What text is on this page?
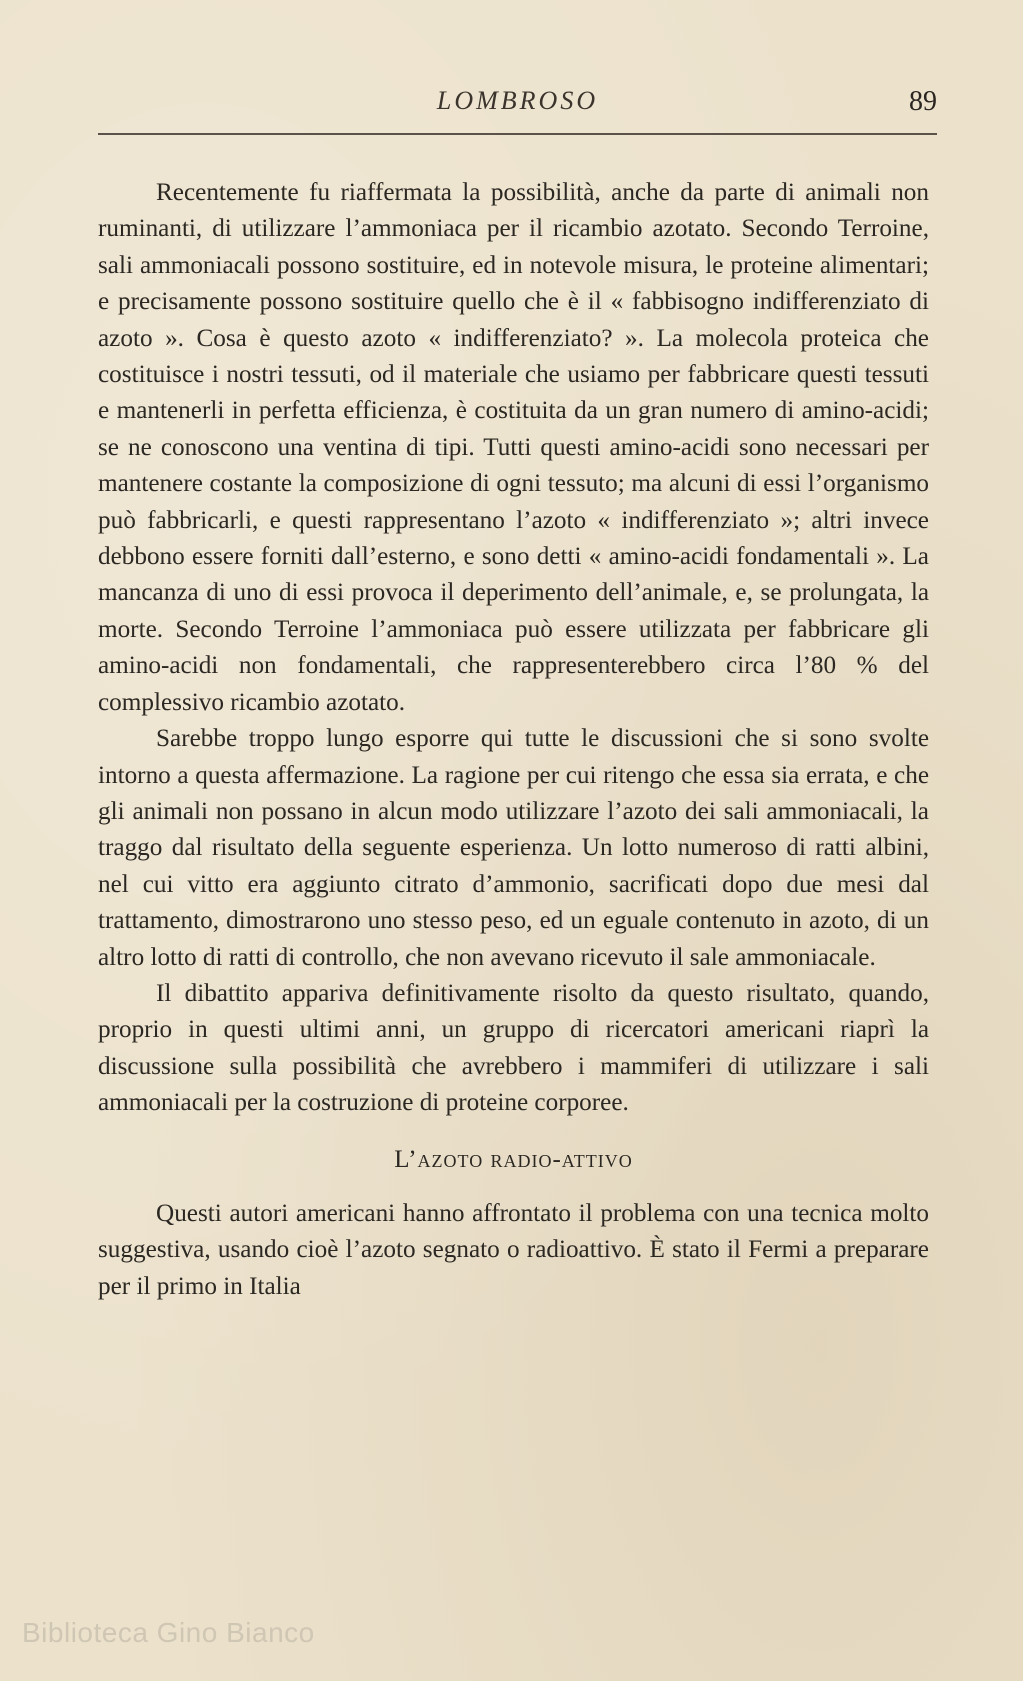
LOMBROSO	89

Recentemente fu riaffermata la possibilità, anche da parte di animali non ruminanti, di utilizzare l’ammoniaca per il ricambio azotato. Secondo Terroine, sali ammoniacali possono sostituire, ed in notevole misura, le proteine alimentari; e precisamente possono sostituire quello che è il « fabbisogno indifferenziato di azoto ». Cosa è questo azoto « indifferenziato? ». La molecola proteica che costituisce i nostri tessuti, od il materiale che usiamo per fabbricare questi tessuti e mantenerli in perfetta efficienza, è costituita da un gran numero di amino-acidi; se ne conoscono una ventina di tipi. Tutti questi amino-acidi sono necessari per mantenere costante la composizione di ogni tessuto; ma alcuni di essi l’organismo può fabbricarli, e questi rappresentano l’azoto « indifferenziato »; altri invece debbono essere forniti dall’esterno, e sono detti « amino-acidi fondamentali ». La mancanza di uno di essi provoca il deperimento dell’animale, e, se prolungata, la morte. Secondo Terroine l’ammoniaca può essere utilizzata per fabbricare gli amino-acidi non fondamentali, che rappresenterebbero circa l’80 % del complessivo ricambio azotato.

Sarebbe troppo lungo esporre qui tutte le discussioni che si sono svolte intorno a questa affermazione. La ragione per cui ritengo che essa sia errata, e che gli animali non possano in alcun modo utilizzare l’azoto dei sali ammoniacali, la traggo dal risultato della seguente esperienza. Un lotto numeroso di ratti albini, nel cui vitto era aggiunto citrato d’ammonio, sacrificati dopo due mesi dal trattamento, dimostrarono uno stesso peso, ed un eguale contenuto in azoto, di un altro lotto di ratti di controllo, che non avevano ricevuto il sale ammoniacale.

Il dibattito appariva definitivamente risolto da questo risultato, quando, proprio in questi ultimi anni, un gruppo di ricercatori americani riaprì la discussione sulla possibilità che avrebbero i mammiferi di utilizzare i sali ammoniacali per la costruzione di proteine corporee.

L’azoto radio-attivo

Questi autori americani hanno affrontato il problema con una tecnica molto suggestiva, usando cioè l’azoto segnato o radioattivo. È stato il Fermi a preparare per il primo in Italia

Biblioteca Gino Bianco
